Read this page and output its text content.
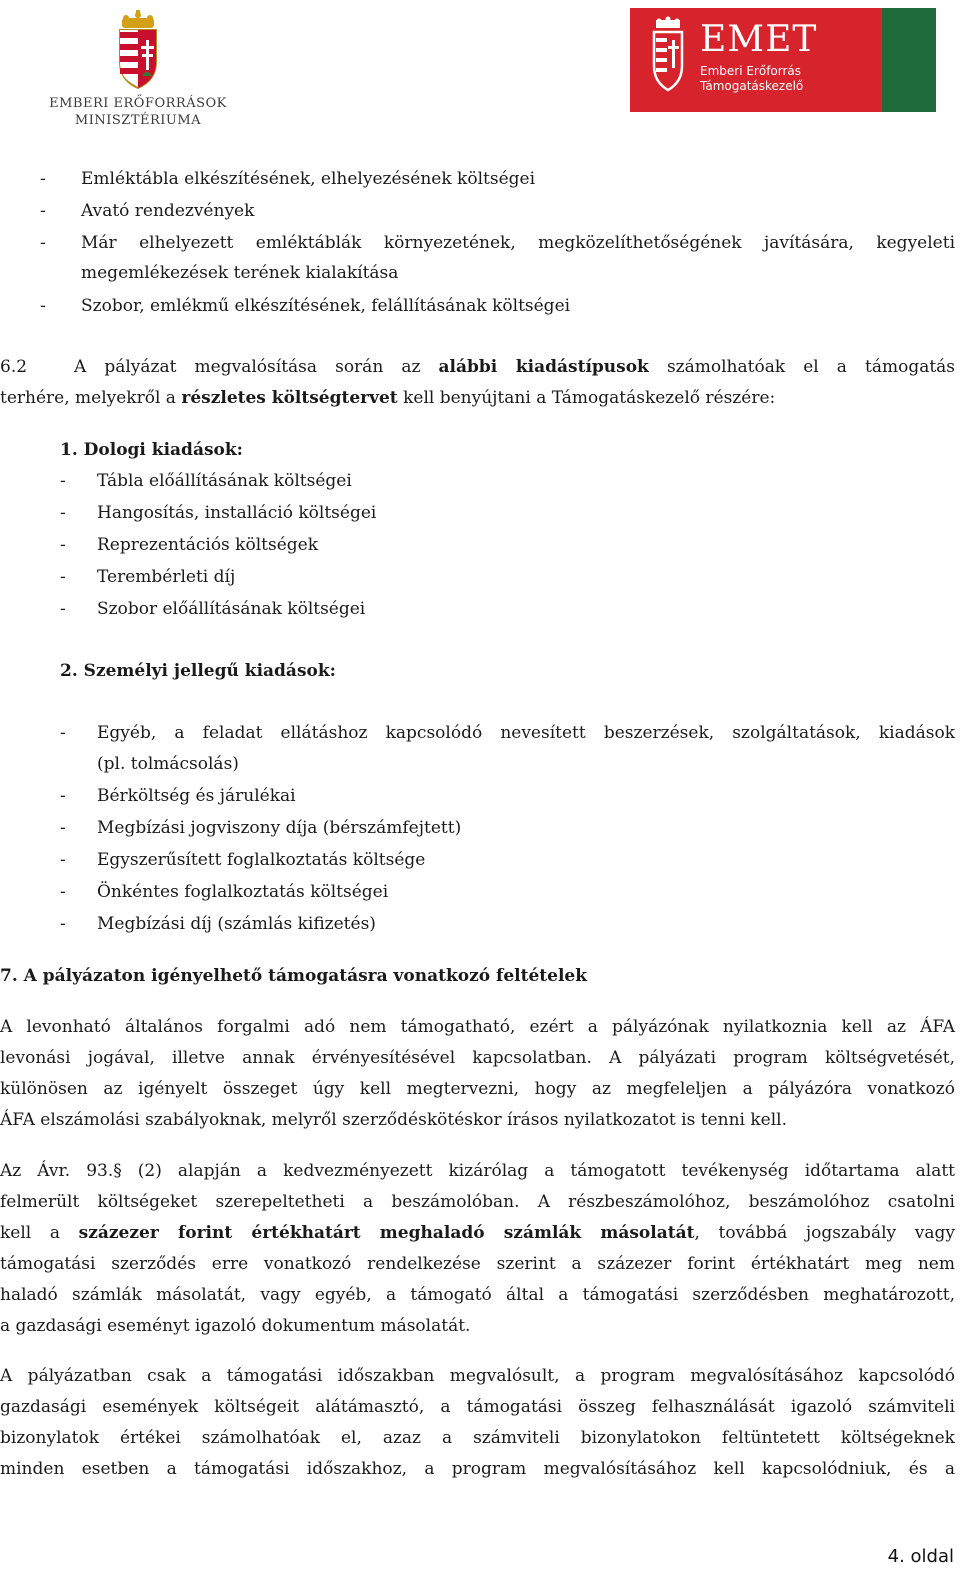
EMBERI ERŐFORRÁSOK
MINISZTÉRIUMA
EMET
Emberi Erőforrás
Támogatáskezelő
- Emléktábla elkészítésének, elhelyezésének költségei
- Avató rendezvények
- Már elhelyezett emléktáblák környezetének, megközelíthetőségének javítására, kegyeleti
megemlékezések terének kialakítása
- Szobor, emlékmű elkészítésének, felállításának költségei
6.2	A pályázat megvalósítása során az alábbi kiadástípusok számolhatóak el a támogatás
terhére, melyekről a részletes költségtervet kell benyújtani a Támogatáskezelő részére:
1. Dologi kiadások:
- Tábla előállításának költségei
- Hangosítás, installáció költségei
- Reprezentációs költségek
- Terembérleti díj
- Szobor előállításának költségei
2. Személyi jellegű kiadások:
- Egyéb, a feladat ellátáshoz kapcsolódó nevesített beszerzések, szolgáltatások, kiadások
(pl. tolmácsolás)
- Bérköltség és járulékai
- Megbízási jogviszony díja (bérszámfejtett)
- Egyszerűsített foglalkoztatás költsége
- Önkéntes foglalkoztatás költségei
- Megbízási díj (számlás kifizetés)
7. A pályázaton igényelhető támogatásra vonatkozó feltételek
A levonható általános forgalmi adó nem támogatható, ezért a pályázónak nyilatkoznia kell az ÁFA
levonási jogával, illetve annak érvényesítésével kapcsolatban. A pályázati program költségvetését,
különösen az igényelt összeget úgy kell megtervezni, hogy az megfeleljen a pályázóra vonatkozó
ÁFA elszámolási szabályoknak, melyről szerződéskötéskor írásos nyilatkozatot is tenni kell.
Az Ávr. 93.§ (2) alapján a kedvezményezett kizárólag a támogatott tevékenység időtartama alatt
felmerült költségeket szerepeltetheti a beszámolóban. A részbeszámolóhoz, beszámolóhoz csatolni
kell a százezer forint értékhatárt meghaladó számlák másolatát, továbbá jogszabály vagy
támogatási szerződés erre vonatkozó rendelkezése szerint a százezer forint értékhatárt meg nem
haladó számlák másolatát, vagy egyéb, a támogató által a támogatási szerződésben meghatározott,
a gazdasági eseményt igazoló dokumentum másolatát.
A pályázatban csak a támogatási időszakban megvalósult, a program megvalósításához kapcsolódó
gazdasági események költségeit alátámasztó, a támogatási összeg felhasználását igazoló számviteli
bizonylatok értékei számolhatóak el, azaz a számviteli bizonylatokon feltüntetett költségeknek
minden esetben a támogatási időszakhoz, a program megvalósításához kell kapcsolódniuk, és a
4. oldal
